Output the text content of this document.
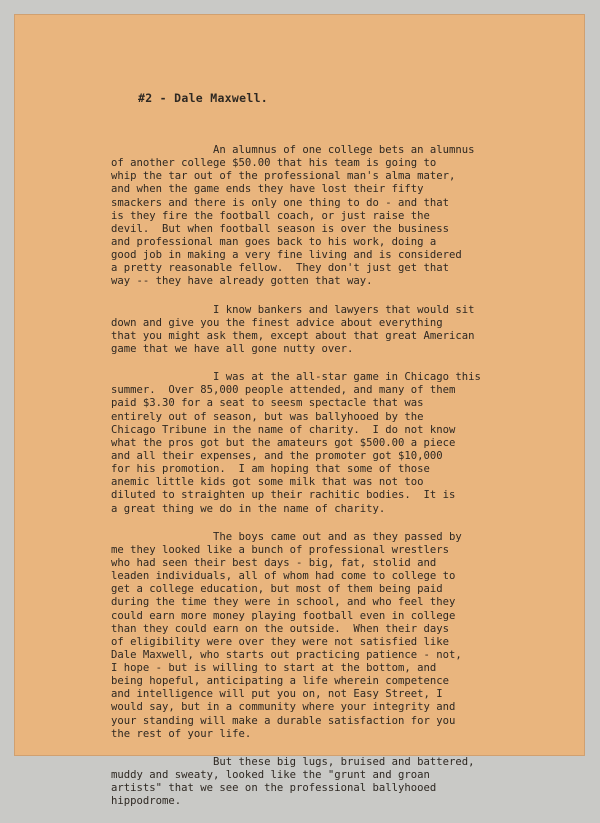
#2 - Dale Maxwell.
An alumnus of one college bets an alumnus
of another college $50.00 that his team is going to
whip the tar out of the professional man's alma mater,
and when the game ends they have lost their fifty
smackers and there is only one thing to do - and that
is they fire the football coach, or just raise the
devil.  But when football season is over the business
and professional man goes back to his work, doing a
good job in making a very fine living and is considered
a pretty reasonable fellow.  They don't just get that
way -- they have already gotten that way.
I know bankers and lawyers that would sit
down and give you the finest advice about everything
that you might ask them, except about that great American
game that we have all gone nutty over.
I was at the all-star game in Chicago this
summer.  Over 85,000 people attended, and many of them
paid $3.30 for a seat to seesm spectacle that was
entirely out of season, but was ballyhooed by the
Chicago Tribune in the name of charity.  I do not know
what the pros got but the amateurs got $500.00 a piece
and all their expenses, and the promoter got $10,000
for his promotion.  I am hoping that some of those
anemic little kids got some milk that was not too
diluted to straighten up their rachitic bodies.  It is
a great thing we do in the name of charity.
The boys came out and as they passed by
me they looked like a bunch of professional wrestlers
who had seen their best days - big, fat, stolid and
leaden individuals, all of whom had come to college to
get a college education, but most of them being paid
during the time they were in school, and who feel they
could earn more money playing football even in college
than they could earn on the outside.  When their days
of eligibility were over they were not satisfied like
Dale Maxwell, who starts out practicing patience - not,
I hope - but is willing to start at the bottom, and
being hopeful, anticipating a life wherein competence
and intelligence will put you on, not Easy Street, I
would say, but in a community where your integrity and
your standing will make a durable satisfaction for you
the rest of your life.
But these big lugs, bruised and battered,
muddy and sweaty, looked like the "grunt and groan
artists" that we see on the professional ballyhooed
hippodrome.
